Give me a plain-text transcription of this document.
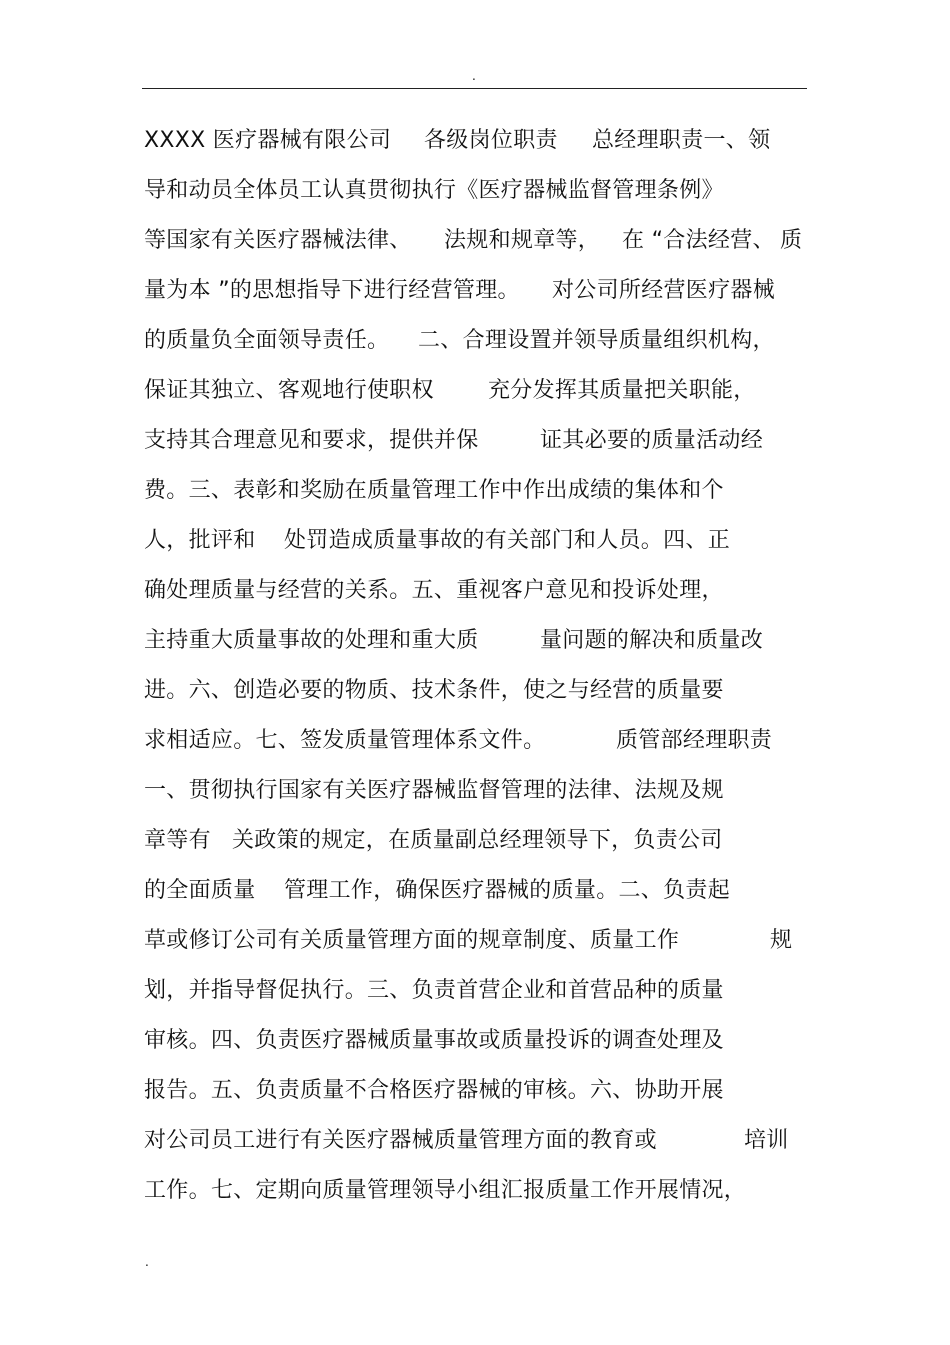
.

XXXX 医疗器械有限公司

各级岗位职责

总经理职责一、领

导和动员全体员工认真贯彻执行《医疗器械监督管理条例》

等国家有关医疗器械法律、

法规和规章等，

在 “合法经营、

质

量为本 ”的思想指导下进行经营管理。

对公司所经营医疗器械

的质量负全面领导责任。

二、合理设置并领导质量组织机构，

保证其独立、客观地行使职权

充分发挥其质量把关职能，

支持其合理意见和要求，提供并保

	证其必要的质量活动经

费。三、表彰和奖励在质量管理工作中作出成绩的集体和个

人，批评和

处罚造成质量事故的有关部门和人员。四、正

确处理质量与经营的关系。五、重视客户意见和投诉处理，

主持重大质量事故的处理和重大质

	量问题的解决和质量改

进。六、创造必要的物质、技术条件，使之与经营的质量要

求相适应。七、签发质量管理体系文件。

	质管部经理职责

一、贯彻执行国家有关医疗器械监督管理的法律、法规及规

章等有

关政策的规定，在质量副总经理领导下，负责公司

的全面质量

管理工作，确保医疗器械的质量。二、负责起

草或修订公司有关质量管理方面的规章制度、质量工作

	规

划，并指导督促执行。三、负责首营企业和首营品种的质量

审核。四、负责医疗器械质量事故或质量投诉的调查处理及

报告。五、负责质量不合格医疗器械的审核。六、协助开展

对公司员工进行有关医疗器械质量管理方面的教育或

	培训

工作。七、定期向质量管理领导小组汇报质量工作开展情况，

.
